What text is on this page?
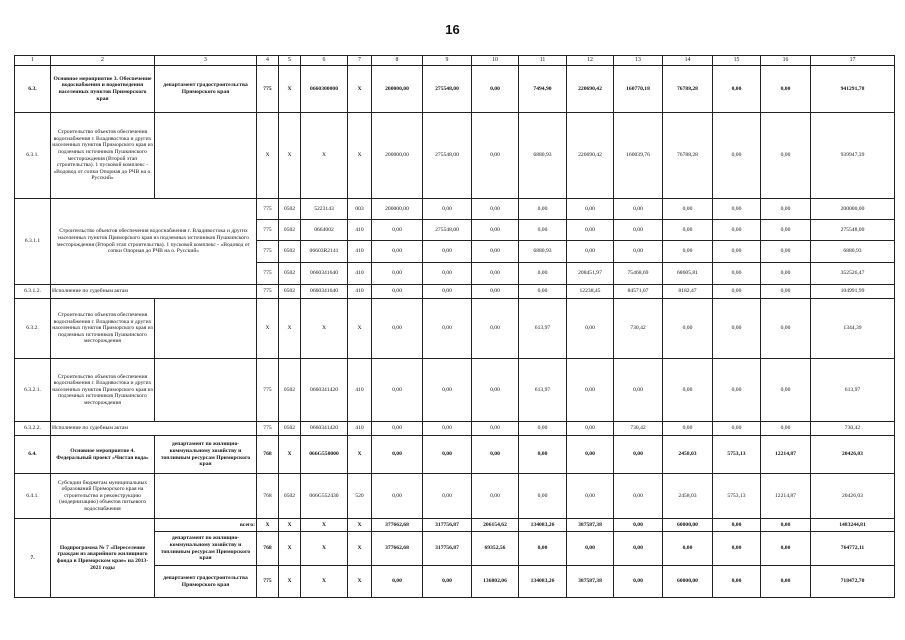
16
1	2	3	4	5	6	7	8	9	10	11	12	13	14	15	16	17
6.3.	Основное мероприятие 3. Обеспечение водоснабжения и водоотведения населенных пунктов Приморского края	департамент градостроительства Приморского края	775	X	0660300000	X	200000,00	275548,00	0,00	7494,90	220690,42	160770,18	76788,28	0,00	0,00	941291,78
6.3.1.	Строительство объектов обеспечения водоснабжения г. Владивостока и других населенных пунктов Приморского края из подземных источников Пушкинского месторождения (Второй этап строительства). 1 пусковой комплекс - «Водовод от сопки Опорная до РЧВ на о. Русский»		X	X	X	X	200000,00	275548,00	0,00	6880,93	220690,42	160039,76	76788,28	0,00	0,00	939947,39
6.3.1.1	Строительство объектов обеспечения водоснабжения г. Владивостока и других населенных пунктов Приморского края из подземных источников Пушкинского месторождения (Второй этап строительства). 1 пусковой комплекс - «Водовод от сопки Опорная до РЧВ на о. Русский»		775	0502	5223143	003	200000,00	0,00	0,00	0,00	0,00	0,00	0,00	0,00	0,00	200000,00
			775	0502	0664002	410	0,00	275548,00	0,00	0,00	0,00	0,00	0,00	0,00	0,00	275548,00
			775	0502	06603R2141	410	0,00	0,00	0,00	6880,93	0,00	0,00	0,00	0,00	0,00	6880,93
			775	0502	0660341640	410	0,00	0,00	0,00	0,00	208451,97	75468,69	68605,81	0,00	0,00	352526,47
6.3.1.2.	Исполнение по судебным актам		775	0502	0660341640	410	0,00	0,00	0,00	0,00	12238,45	84571,07	8182,47	0,00	0,00	104991,99
6.3.2.	Строительство объектов обеспечения водоснабжения г. Владивостока и других населенных пунктов Приморского края из подземных источников Пушкинского месторождения		X	X	X	X	0,00	0,00	0,00	613,97	0,00	730,42	0,00	0,00	0,00	1344,39
6.3.2.1.	Строительство объектов обеспечения водоснабжения г. Владивостока и других населенных пунктов Приморского края из подземных источников Пушкинского месторождения		775	0502	0660341420	410	0,00	0,00	0,00	613,97	0,00	0,00	0,00	0,00	0,00	613,97
6.3.2.2.	Исполнение по судебным актам		775	0502	0660341420	410	0,00	0,00	0,00	0,00	0,00	730,42	0,00	0,00	0,00	730,42
6.4.	Основное мероприятие 4. Федеральный проект «Чистая вода»	департамент по жилищно-коммунальному хозяйству и топливным ресурсам Приморского края	768	X	066G550000	X	0,00	0,00	0,00	0,00	0,00	0,00	2458,03	5753,13	12214,87	20426,03
6.4.1.	Субсидии бюджетам муниципальных образований Приморского края на строительство и реконструкцию (модернизацию) объектов питьевого водоснабжения		768	0502	066G552430	520	0,00	0,00	0,00	0,00	0,00	0,00	2458,03	5753,13	12214,87	20426,03
7.	Подпрограмма № 7 «Переселение граждан из аварийного жилищного фонда в Приморском крае» на 2013-2021 годы	всего:	X	X	X	X	377662,68	317756,87	206154,62	134083,26	387587,38	0,00	60000,00	0,00	0,00	1483244,81
		департамент по жилищно-коммунальному хозяйству и топливным ресурсам Приморского края	768	X	X	X	377662,68	317756,87	69352,56	0,00	0,00	0,00	0,00	0,00	0,00	764772,11
		департамент градостроительства Приморского края	775	X	X	X	0,00	0,00	136802,06	134083,26	387587,38	0,00	60000,00	0,00	0,00	718472,70
